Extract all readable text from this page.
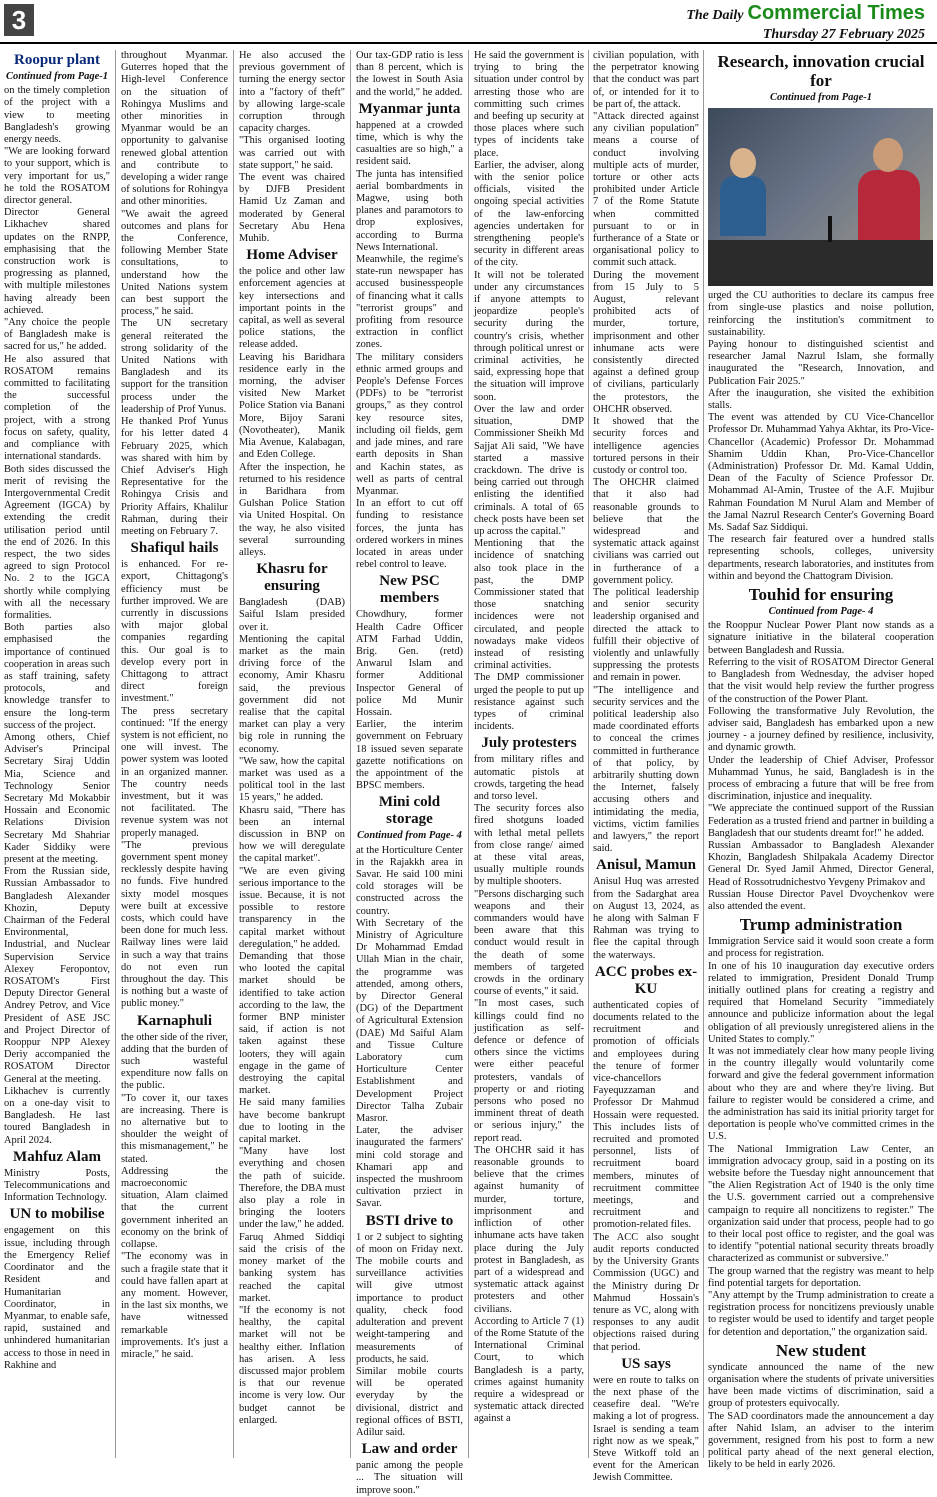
3	The Daily Commercial Times
Thursday 27 February 2025
Roopur plant
Continued from Page-1

on the timely completion of the project with a view to meeting Bangladesh's growing energy needs.

"We are looking forward to your support, which is very important for us," he told the ROSATOM director general.

Director General Likhachev shared updates on the RNPP, emphasising that the construction work is progressing as planned, with multiple milestones having already been achieved.

"Any choice the people of Bangladesh make is sacred for us," he added.

He also assured that ROSATOM remains committed to facilitating the successful completion of the project, with a strong focus on safety, quality, and compliance with international standards.

Both sides discussed the merit of revising the Intergovernmental Credit Agreement (IGCA) by extending the credit utilisation period until the end of 2026. In this respect, the two sides agreed to sign Protocol No. 2 to the IGCA shortly while complying with all the necessary formalities.

Both parties also emphasised the importance of continued cooperation in areas such as staff training, safety protocols, and knowledge transfer to ensure the long-term success of the project.

Among others, Chief Adviser's Principal Secretary Siraj Uddin Mia, Science and Technology Senior Secretary Md Mokabbir Hossain and Economic Relations Division Secretary Md Shahriar Kader Siddiky were present at the meeting.

From the Russian side, Russian Ambassador to Bangladesh Alexander Khozin, Deputy Chairman of the Federal Environmental, Industrial, and Nuclear Supervision Service Alexey Feropontov, ROSATOM's First Deputy Director General Andrey Petrov, and Vice President of ASE JSC and Project Director of Rooppur NPP Alexey Deriy accompanied the ROSATOM Director General at the meeting.

Likhachev is currently on a one-day visit to Bangladesh. He last toured Bangladesh in April 2024.

Mahfuz Alam

Ministry Posts, Telecommunications and Information Technology.

UN to mobilise

engagement on this issue, including through the Emergency Relief Coordinator and the Resident and Humanitarian Coordinator, in Myanmar, to enable safe, rapid, sustained and unhindered humanitarian access to those in need in Rakhine and

throughout Myanmar. Guterres hoped that the High-level Conference on the situation of Rohingya Muslims and other minorities in Myanmar would be an opportunity to galvanise renewed global attention and contribute to developing a wider range of solutions for Rohingya and other minorities.

"We await the agreed outcomes and plans for the Conference, following Member State consultations, to understand how the United Nations system can best support the process," he said.

The UN secretary general reiterated the strong solidarity of the United Nations with Bangladesh and its support for the transition process under the leadership of Prof Yunus.

He thanked Prof Yunus for his letter dated 4 February 2025, which was shared with him by Chief Adviser's High Representative for the Rohingya Crisis and Priority Affairs, Khalilur Rahman, during their meeting on February 7.

Shafiqul hails

is enhanced. For re-export, Chittagong's efficiency must be further improved. We are currently in discussions with major global companies regarding this. Our goal is to develop every port in Chittagong to attract direct foreign investment."

The press secretary continued: "If the energy system is not efficient, no one will invest. The power system was looted in an organized manner. The country needs investment, but it was not facilitated. The revenue system was not properly managed.

"The previous government spent money recklessly despite having no funds. Five hundred sixty model mosques were built at excessive costs, which could have been done for much less. Railway lines were laid in such a way that trains do not even run throughout the day. This is nothing but a waste of public money."

Karnaphuli

the other side of the river, adding that the burden of such wasteful expenditure now falls on the public.

"To cover it, our taxes are increasing. There is no alternative but to shoulder the weight of this mismanagement," he stated.

Addressing the macroeconomic situation, Alam claimed that the current government inherited an economy on the brink of collapse.

"The economy was in such a fragile state that it could have fallen apart at any moment. However, in the last six months, we have witnessed remarkable improvements. It's just a miracle," he said.

He also accused the previous government of turning the energy sector into a "factory of theft" by allowing large-scale corruption through capacity charges.

"This organised looting was carried out with state support," he said.

The event was chaired by DJFB President Hamid Uz Zaman and moderated by General Secretary Abu Hena Muhib.

Home Adviser

the police and other law enforcement agencies at key intersections and important points in the capital, as well as several police stations, the release added.

Leaving his Baridhara residence early in the morning, the adviser visited New Market Police Station via Banani More, Bijoy Sarani (Novotheater), Manik Mia Avenue, Kalabagan, and Eden College.

After the inspection, he returned to his residence in Baridhara from Gulshan Police Station via United Hospital. On the way, he also visited several surrounding alleys.

Khasru for ensuring

Bangladesh (DAB) Saiful Islam presided over it.

Mentioning the capital market as the main driving force of the economy, Amir Khasru said, the previous government did not realise that the capital market can play a very big role in running the economy.

"We saw, how the capital market was used as a political tool in the last 15 years," he added.

Khasru said, "There has been an internal discussion in BNP on how we will deregulate the capital market".

"We are even giving serious importance to the issue. Because, it is not possible to restore transparency in the capital market without deregulation," he added.

Demanding that those who looted the capital market should be identified to take action according to the law, the former BNP minister said, if action is not taken against these looters, they will again engage in the game of destroying the capital market.

He said many families have become bankrupt due to looting in the capital market.

"Many have lost everything and chosen the path of suicide. Therefore, the DBA must also play a role in bringing the looters under the law," he added.

Faruq Ahmed Siddiqi said the crisis of the money market of the banking system has reached the capital market.

"If the economy is not healthy, the capital market will not be healthy either. Inflation has arisen. A less discussed major problem is that our revenue income is very low. Our budget cannot be enlarged.

Our tax-GDP ratio is less than 8 percent, which is the lowest in South Asia and the world," he added.

Myanmar junta

happened at a crowded time, which is why the casualties are so high," a resident said.

The junta has intensified aerial bombardments in Magwe, using both planes and paramotors to drop explosives, according to Burma News International.

Meanwhile, the regime's state-run newspaper has accused businesspeople of financing what it calls "terrorist groups" and profiting from resource extraction in conflict zones.

The military considers ethnic armed groups and People's Defense Forces (PDFs) to be "terrorist groups," as they control key resource sites, including oil fields, gem and jade mines, and rare earth deposits in Shan and Kachin states, as well as parts of central Myanmar.

In an effort to cut off funding to resistance forces, the junta has ordered workers in mines located in areas under rebel control to leave.

New PSC members

Chowdhury, former Health Cadre Officer ATM Farhad Uddin, Brig. Gen. (retd) Anwarul Islam and former Additional Inspector General of police Md Munir Hossain.

Earlier, the interim government on February 18 issued seven separate gazette notifications on the appointment of the BPSC members.

Mini cold storage
Continued from Page- 4

at the Horticulture Center in the Rajakkh area in Savar. He said 100 mini cold storages will be constructed across the country.

With Secretary of the Ministry of Agriculture Dr Mohammad Emdad Ullah Mian in the chair, the programme was attended, among others, by Director General (DG) of the Department of Agricultural Extension (DAE) Md Saiful Alam and Tissue Culture Laboratory cum Horticulture Center Establishment and Development Project Director Talha Zubair Masror.

Later, the adviser inaugurated the farmers' mini cold storage and Khamari app and inspected the mushroom cultivation prziect in Savar.

BSTI drive to

1 or 2 subject to sighting of moon on Friday next. The mobile courts and surveillance activities will give utmost importance to product quality, check food adulteration and prevent weight-tampering and measurements of products, he said.

Similar mobile courts will be operated everyday by the divisional, district and regional offices of BSTI, Adilur said.

Law and order

panic among the people ... The situation will improve soon."

He said the government is trying to bring the situation under control by arresting those who are committing such crimes and beefing up security at those places where such types of incidents take place.

Earlier, the adviser, along with the senior police officials, visited the ongoing special activities of the law-enforcing agencies undertaken for strengthening people's security in different areas of the city.

It will not be tolerated under any circumstances if anyone attempts to jeopardize people's security during the country's crisis, whether through political unrest or criminal activities, he said, expressing hope that the situation will improve soon.

Over the law and order situation, DMP Commissioner Sheikh Md Sajjat Ali said, "We have started a massive crackdown. The drive is being carried out through enlisting the identified criminals. A total of 65 check posts have been set up across the capital."

Mentioning that the incidence of snatching also took place in the past, the DMP Commissioner stated that those snatching incidences were not circulated, and people nowadays make videos instead of resisting criminal activities.

The DMP commissioner urged the people to put up resistance against such types of criminal incidents.

July protesters

from military rifles and automatic pistols at crowds, targeting the head and torso level.

The security forces also fired shotguns loaded with lethal metal pellets from close range/ aimed at these vital areas, usually multiple rounds by multiple shooters.

"Persons discharging such weapons and their commanders would have been aware that this conduct would result in the death of some members of targeted crowds in the ordinary course of events," it said.

"In most cases, such killings could find no justification as self-defence or defence of others since the victims were either peaceful protesters, vandals of property or and rioting persons who posed no imminent threat of death or serious injury," the report read.

The OHCHR said it has reasonable grounds to believe that the crimes against humanity of murder, torture, imprisonment and infliction of other inhumane acts have taken place during the July protest in Bangladesh, as part of a widespread and systematic attack against protesters and other civilians.

According to Article 7 (1) of the Rome Statute of the International Criminal Court, to which Bangladesh is a party, crimes against humanity require a widespread or systematic attack directed against a

civilian population, with the perpetrator knowing that the conduct was part of, or intended for it to be part of, the attack.

"Attack directed against any civilian population" means a course of conduct involving multiple acts of murder, torture or other acts prohibited under Article 7 of the Rome Statute when committed pursuant to or in furtherance of a State or organisational policy to commit such attack.

During the movement from 15 July to 5 August, relevant prohibited acts of murder, torture, imprisonment and other inhumane acts were consistently directed against a defined group of civilians, particularly the protestors, the OHCHR observed.

It showed that the security forces and intelligence agencies tortured persons in their custody or control too.

The OHCHR claimed that it also had reasonable grounds to believe that the widespread and systematic attack against civilians was carried out in furtherance of a government policy.

The political leadership and senior security leadership organised and directed the attack to fulfill their objective of violently and unlawfully suppressing the protests and remain in power.

"The intelligence and security services and the political leadership also made coordinated efforts to conceal the crimes committed in furtherance of that policy, by arbitrarily shutting down the Internet, falsely accusing others and intimidating the media, victims, victim families and lawyers," the report said.

Anisul, Mamun

Anisul Huq was arrested from the Sadarghat area on August 13, 2024, as he along with Salman F Rahman was trying to flee the capital through the waterways.

ACC probes ex-KU

authenticated copies of documents related to the recruitment and promotion of officials and employees during the tenure of former vice-chancellors Fayequzzaman and Professor Dr Mahmud Hossain were requested. This includes lists of recruited and promoted personnel, lists of recruitment board members, minutes of recruitment committee meetings, and recruitment and promotion-related files.

The ACC also sought audit reports conducted by the University Grants Commission (UGC) and the Ministry during Dr Mahmud Hossain's tenure as VC, along with responses to any audit objections raised during that period.

US says

were en route to talks on the next phase of the ceasefire deal. "We're making a lot of progress. Israel is sending a team right now as we speak," Steve Witkoff told an event for the American Jewish Committee.

Research, innovation crucial for
Continued from Page-1

urged the CU authorities to declare its campus free from single-use plastics and noise pollution, reinforcing the institution's commitment to sustainability.

Paying honour to distinguished scientist and researcher Jamal Nazrul Islam, she formally inaugurated the "Research, Innovation, and Publication Fair 2025."

After the inauguration, she visited the exhibition stalls.

The event was attended by CU Vice-Chancellor Professor Dr. Muhammad Yahya Akhtar, its Pro-Vice-Chancellor (Academic) Professor Dr. Mohammad Shamim Uddin Khan, Pro-Vice-Chancellor (Administration) Professor Dr. Md. Kamal Uddin, Dean of the Faculty of Science Professor Dr. Mohammad Al-Amin, Trustee of the A.F. Mujibur Rahman Foundation M Nurul Alam and Member of the Jamal Nazrul Research Center's Governing Board Ms. Sadaf Saz Siddiqui.

The research fair featured over a hundred stalls representing schools, colleges, university departments, research laboratories, and institutes from within and beyond the Chattogram Division.

Touhid for ensuring
Continued from Page- 4

the Rooppur Nuclear Power Plant now stands as a signature initiative in the bilateral cooperation between Bangladesh and Russia.

Referring to the visit of ROSATOM Director General to Bangladesh from Wednesday, the adviser hoped that the visit would help review the further progress of the construction of the Power Plant.

Following the transformative July Revolution, the adviser said, Bangladesh has embarked upon a new journey - a journey defined by resilience, inclusivity, and dynamic growth.

Under the leadership of Chief Adviser, Professor Muhammad Yunus, he said, Bangladesh is in the process of embracing a future that will be free from discrimination, injustice and inequality.

"We appreciate the continued support of the Russian Federation as a trusted friend and partner in building a Bangladesh that our students dreamt for!" he added.

Russian Ambassador to Bangladesh Alexander Khozin, Bangladesh Shilpakala Academy Director General Dr. Syed Jamil Ahmed, Director General, Head of Rossotrudnichestvo Yevgeny Primakov and

Russian House Director Pavel Dvoychenkov were also attended the event.

Trump administration

Immigration Service said it would soon create a form and process for registration.

In one of his 10 inauguration day executive orders related to immigration, President Donald Trump initially outlined plans for creating a registry and required that Homeland Security "immediately announce and publicize information about the legal obligation of all previously unregistered aliens in the United States to comply."

It was not immediately clear how many people living in the country illegally would voluntarily come forward and give the federal government information about who they are and where they're living. But failure to register would be considered a crime, and the administration has said its initial priority target for deportation is people who've committed crimes in the U.S.

The National Immigration Law Center, an immigration advocacy group, said in a posting on its website before the Tuesday night announcement that "the Alien Registration Act of 1940 is the only time the U.S. government carried out a comprehensive campaign to require all noncitizens to register." The organization said under that process, people had to go to their local post office to register, and the goal was to identify "potential national security threats broadly characterized as communist or subversive."

The group warned that the registry was meant to help find potential targets for deportation.

"Any attempt by the Trump administration to create a registration process for noncitizens previously unable to register would be used to identify and target people for detention and deportation," the organization said.

New student

syndicate announced the name of the new organisation where the students of private universities have been made victims of discrimination, said a group of protesters equivocally.

The SAD coordinators made the announcement a day after Nahid Islam, an adviser to the interim government, resigned from his post to form a new political party ahead of the next general election, likely to be held in early 2026.
